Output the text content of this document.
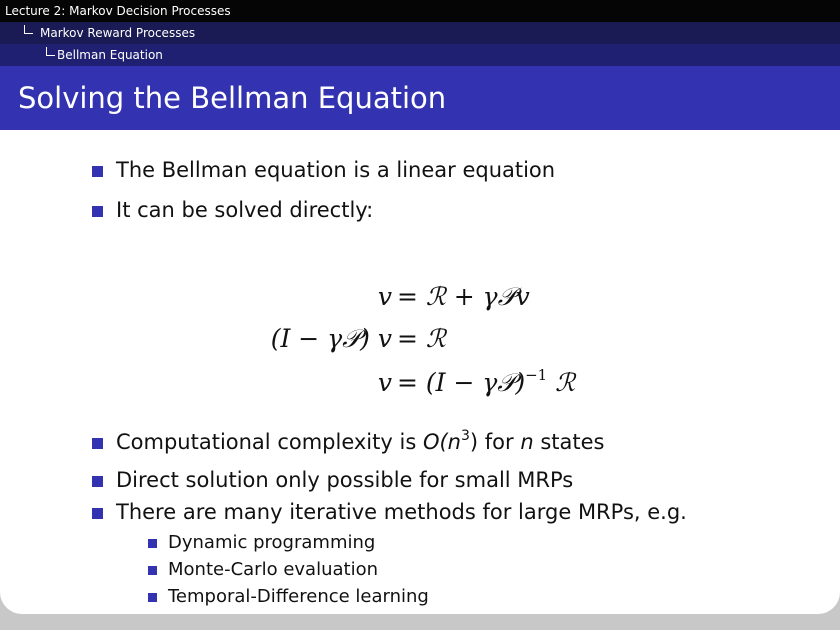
Lecture 2: Markov Decision Processes
Markov Reward Processes
Bellman Equation
Solving the Bellman Equation
The Bellman equation is a linear equation
It can be solved directly:
v = ℛ + γ𝒫v
(I − γ𝒫) v = ℛ
v = (I − γ𝒫)$^{-1}$ ℛ
Computational complexity is $O(n^3)$ for n states
Direct solution only possible for small MRPs
There are many iterative methods for large MRPs, e.g.
Dynamic programming
Monte-Carlo evaluation
Temporal-Difference learning
